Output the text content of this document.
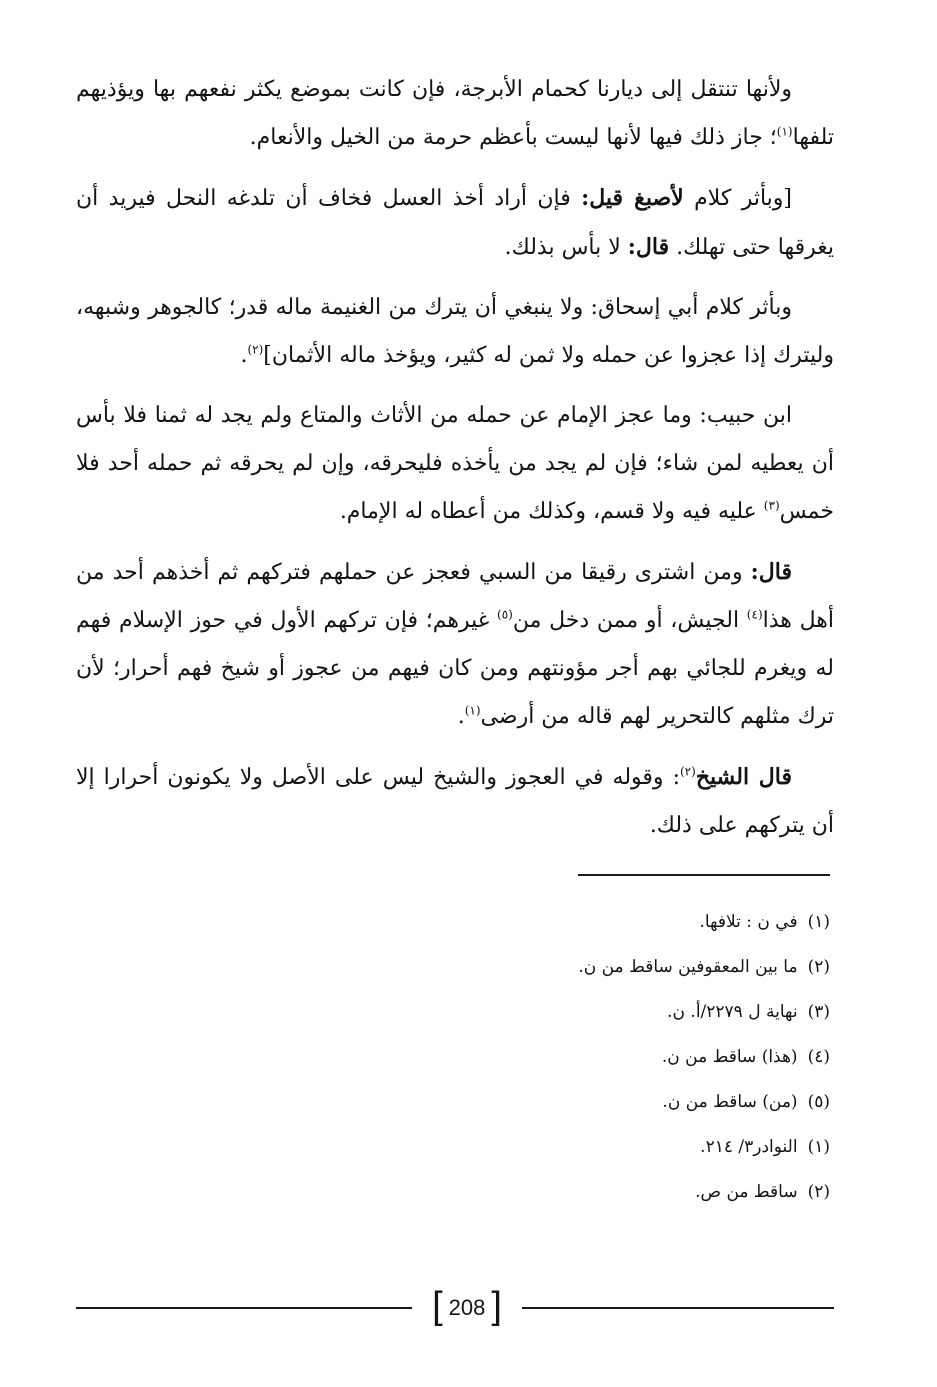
ولأنها تنتقل إلى ديارنا كحمام الأبرجة، فإن كانت بموضع يكثر نفعهم بها ويؤذيهم تلفها$^{(١)}$؛ جاز ذلك فيها لأنها ليست بأعظم حرمة من الخيل والأنعام.

[وبأثر كلام لأصبغ قيل: فإن أراد أخذ العسل فخاف أن تلدغه النحل فيريد أن يغرقها حتى تهلك. قال: لا بأس بذلك.

وبأثر كلام أبي إسحاق: ولا ينبغي أن يترك من الغنيمة ماله قدر؛ كالجوهر وشبهه، وليترك إذا عجزوا عن حمله ولا ثمن له كثير، ويؤخذ ماله الأثمان]$^{(٢)}$.

ابن حبيب: وما عجز الإمام عن حمله من الأثاث والمتاع ولم يجد له ثمنا فلا بأس أن يعطيه لمن شاء؛ فإن لم يجد من يأخذه فليحرقه، وإن لم يحرقه ثم حمله أحد فلا خمس$^{(٣)}$ عليه فيه ولا قسم، وكذلك من أعطاه له الإمام.

قال: ومن اشترى رقيقا من السبي فعجز عن حملهم فتركهم ثم أخذهم أحد من أهل هذا$^{(٤)}$ الجيش، أو ممن دخل من$^{(٥)}$ غيرهم؛ فإن تركهم الأول في حوز الإسلام فهم له ويغرم للجائي بهم أجر مؤونتهم ومن كان فيهم من عجوز أو شيخ فهم أحرار؛ لأن ترك مثلهم كالتحرير لهم قاله من أرضى$^{(١)}$.

قال الشيخ$^{(٢)}$: وقوله في العجوز والشيخ ليس على الأصل ولا يكونون أحرارا إلا أن يتركهم على ذلك.

(١)في ن : تلافها.
(٢)ما بين المعقوفين ساقط من ن.
(٣)نهاية ل ٢٢٧٩/أ. ن.
(٤)(هذا) ساقط من ن.
(٥)(من) ساقط من ن.
(١)النوادر٣/ ٢١٤.
(٢)ساقط من ص.
[ 208 ]
